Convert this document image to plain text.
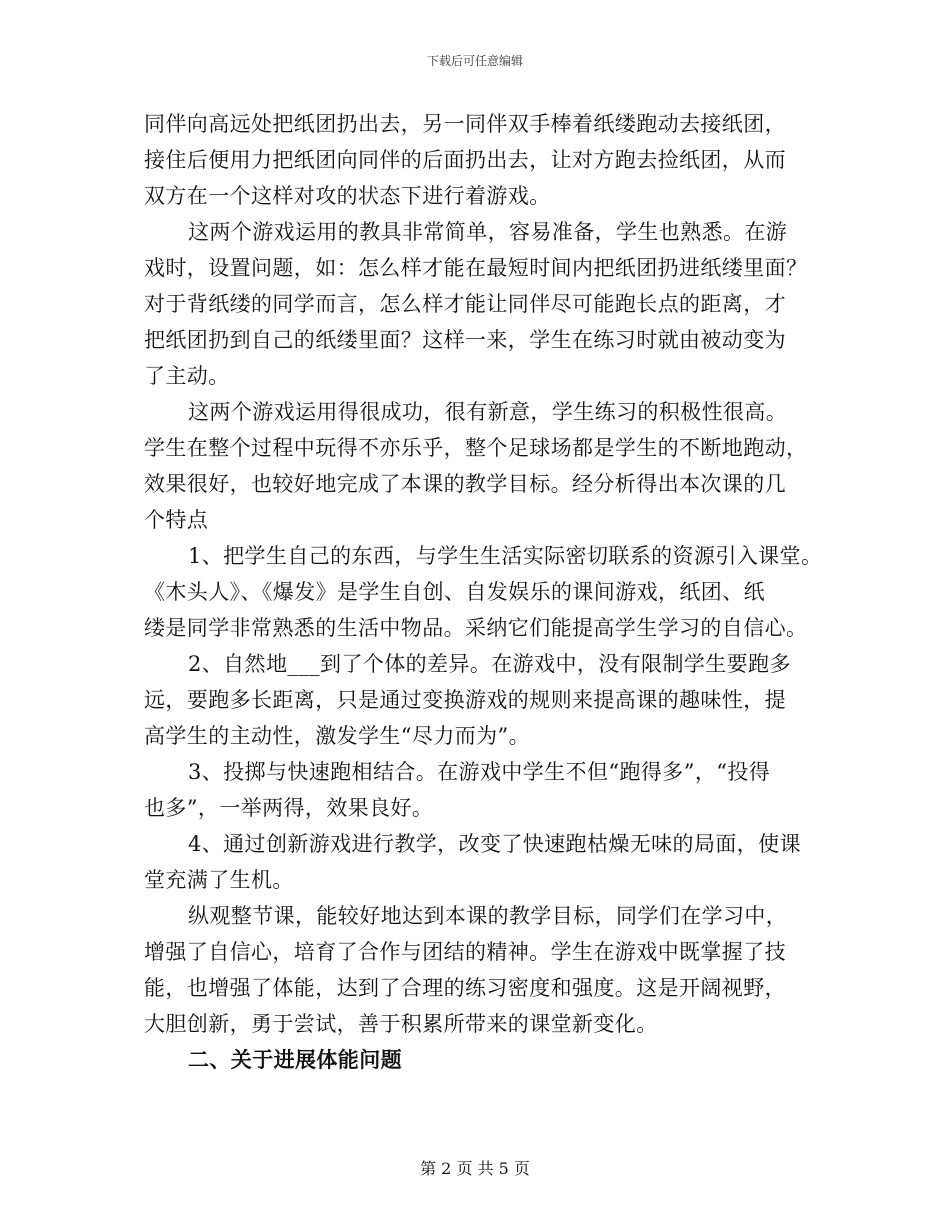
下载后可任意编辑
同伴向高远处把纸团扔出去，另一同伴双手棒着纸缕跑动去接纸团，
接住后便用力把纸团向同伴的后面扔出去，让对方跑去捡纸团，从而
双方在一个这样对攻的状态下进行着游戏。
这两个游戏运用的教具非常简单，容易准备，学生也熟悉。在游
戏时，设置问题，如：怎么样才能在最短时间内把纸团扔进纸缕里面？
对于背纸缕的同学而言，怎么样才能让同伴尽可能跑长点的距离，才
把纸团扔到自己的纸缕里面？这样一来，学生在练习时就由被动变为
了主动。
这两个游戏运用得很成功，很有新意，学生练习的积极性很高。
学生在整个过程中玩得不亦乐乎，整个足球场都是学生的不断地跑动，
效果很好，也较好地完成了本课的教学目标。经分析得出本次课的几
个特点
1、把学生自己的东西，与学生生活实际密切联系的资源引入课堂。
《木头人》、《爆发》是学生自创、自发娱乐的课间游戏，纸团、纸
缕是同学非常熟悉的生活中物品。采纳它们能提高学生学习的自信心。
2、自然地___到了个体的差异。在游戏中，没有限制学生要跑多
远，要跑多长距离，只是通过变换游戏的规则来提高课的趣味性，提
高学生的主动性，激发学生“尽力而为”。
3、投掷与快速跑相结合。在游戏中学生不但“跑得多”，“投得
也多”，一举两得，效果良好。
4、通过创新游戏进行教学，改变了快速跑枯燥无味的局面，使课
堂充满了生机。
纵观整节课，能较好地达到本课的教学目标，同学们在学习中，
增强了自信心，培育了合作与团结的精神。学生在游戏中既掌握了技
能，也增强了体能，达到了合理的练习密度和强度。这是开阔视野，
大胆创新，勇于尝试，善于积累所带来的课堂新变化。
二、关于进展体能问题
第 2 页 共 5 页
